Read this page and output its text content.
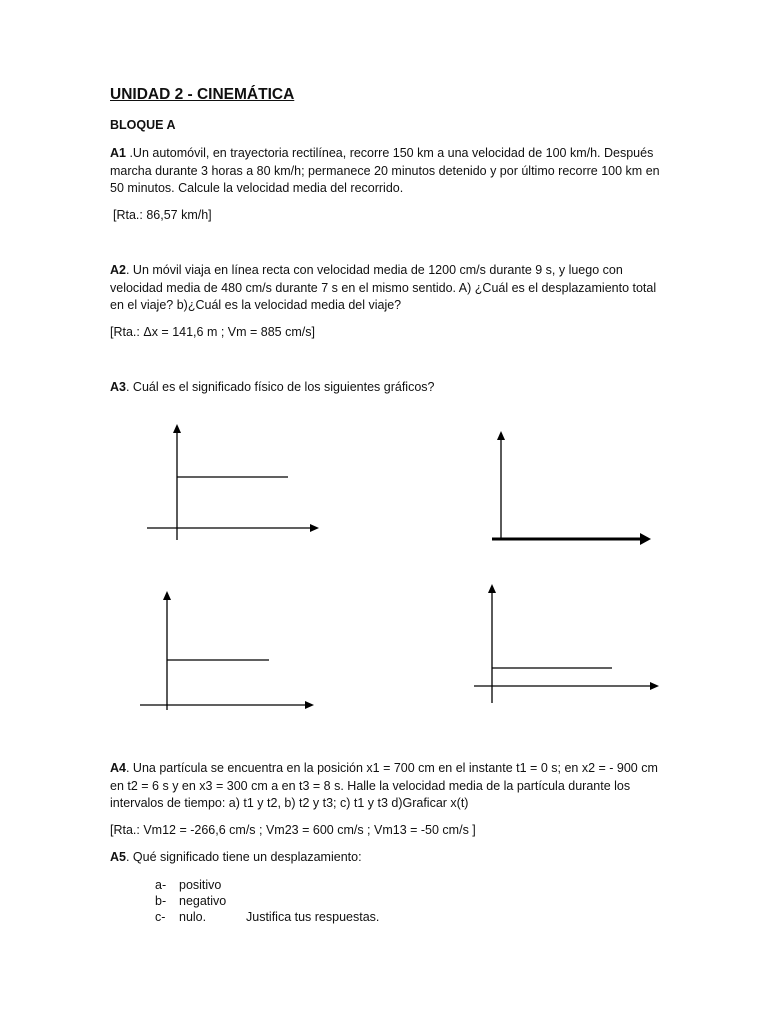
UNIDAD 2 - CINEMÁTICA
BLOQUE A
A1 .Un automóvil, en trayectoria rectilínea, recorre 150 km a una velocidad de 100 km/h. Después marcha durante 3 horas a 80 km/h; permanece 20 minutos detenido y por último recorre 100 km en 50 minutos. Calcule la velocidad media del recorrido.
[Rta.: 86,57 km/h]
A2. Un móvil viaja en línea recta con velocidad media de 1200 cm/s durante 9 s, y luego con velocidad media de 480 cm/s durante 7 s en el mismo sentido. A) ¿Cuál es el desplazamiento total en el viaje? b)¿Cuál es la velocidad media del viaje?
[Rta.: Δx = 141,6 m ; Vm = 885 cm/s]
A3. Cuál es el significado físico de los siguientes gráficos?
A4. Una partícula se encuentra en la posición x1 = 700 cm en el instante t1 = 0 s; en x2 = - 900 cm en t2 = 6 s y en x3 = 300 cm a en t3 = 8 s. Halle la velocidad media de la partícula durante los intervalos de tiempo: a) t1 y t2, b) t2 y t3; c) t1 y t3 d)Graficar x(t)
[Rta.: Vm12 = -266,6 cm/s ; Vm23 = 600 cm/s ; Vm13 = -50 cm/s ]
A5. Qué significado tiene un desplazamiento:
a- positivo
b- negativo
c- nulo.	Justifica tus respuestas.
